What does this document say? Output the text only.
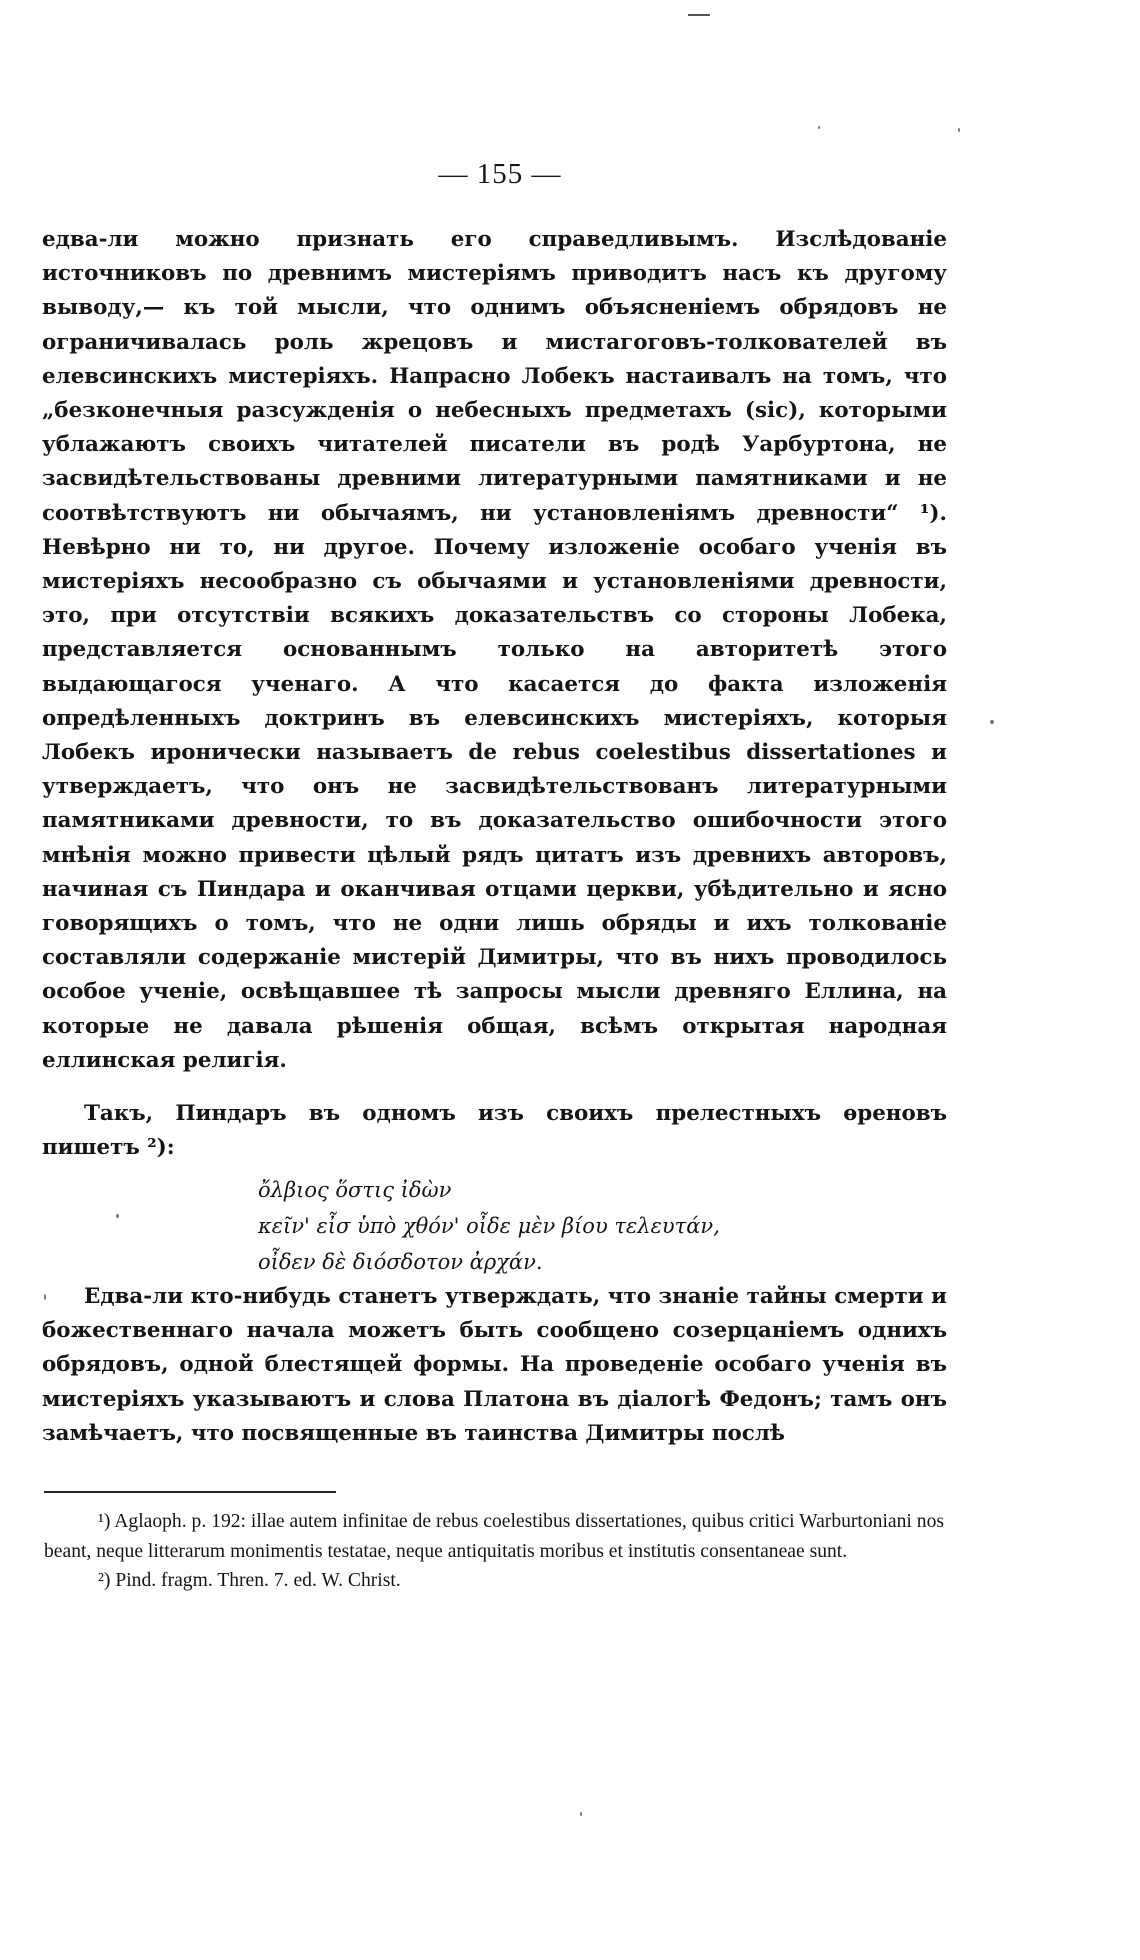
— 155 —
едва-ли можно признать его справедливымъ. Изслѣдованіе источниковъ по древнимъ мистеріямъ приводитъ насъ къ другому выводу,— къ той мысли, что однимъ объясненіемъ обрядовъ не ограничивалась роль жрецовъ и мистагоговъ-толкователей въ елевсинскихъ мистеріяхъ. Напрасно Лобекъ настаивалъ на томъ, что „безконечныя разсужденія о небесныхъ предметахъ (sic), которыми ублажаютъ своихъ читателей писатели въ родѣ Уарбуртона, не засвидѣтельствованы древними литературными памятниками и не соотвѣтствуютъ ни обычаямъ, ни установленіямъ древности“ ¹). Невѣрно ни то, ни другое. Почему изложеніе особаго ученія въ мистеріяхъ несообразно съ обычаями и установленіями древности, это, при отсутствіи всякихъ доказательствъ со стороны Лобека, представляется основаннымъ только на авторитетѣ этого выдающагося ученаго. А что касается до факта изложенія опредѣленныхъ доктринъ въ елевсинскихъ мистеріяхъ, которыя Лобекъ иронически называетъ de rebus coelestibus dissertationes и утверждаетъ, что онъ не засвидѣтельствованъ литературными памятниками древности, то въ доказательство ошибочности этого мнѣнія можно привести цѣлый рядъ цитатъ изъ древнихъ авторовъ, начиная съ Пиндара и оканчивая отцами церкви, убѣдительно и ясно говорящихъ о томъ, что не одни лишь обряды и ихъ толкованіе составляли содержаніе мистерій Димитры, что въ нихъ проводилось особое ученіе, освѣщавшее тѣ запросы мысли древняго Еллина, на которые не давала рѣшенія общая, всѣмъ открытая народная еллинская религія.
Такъ, Пиндаръ въ одномъ изъ своихъ прелестныхъ ѳреновъ пишетъ ²):
ὄλβιος ὅστις ἰδὼν
κεῖν' εἶσ ὑπὸ χθόν' οἶδε μὲν βίου τελευτάν,
οἶδεν δὲ διόσδοτον ἀρχάν.
Едва-ли кто-нибудь станетъ утверждать, что знаніе тайны смерти и божественнаго начала можетъ быть сообщено созерцаніемъ однихъ обрядовъ, одной блестящей формы. На проведеніе особаго ученія въ мистеріяхъ указываютъ и слова Платона въ діалогѣ Федонъ; тамъ онъ замѣчаетъ, что посвященные въ таинства Димитры послѣ
¹) Aglaoph. p. 192: illae autem infinitae de rebus coelestibus dissertationes, quibus critici Warburtoniani nos beant, neque litterarum monimentis testatae, neque antiquitatis moribus et institutis consentaneae sunt.
²) Pind. fragm. Thren. 7. ed. W. Christ.
